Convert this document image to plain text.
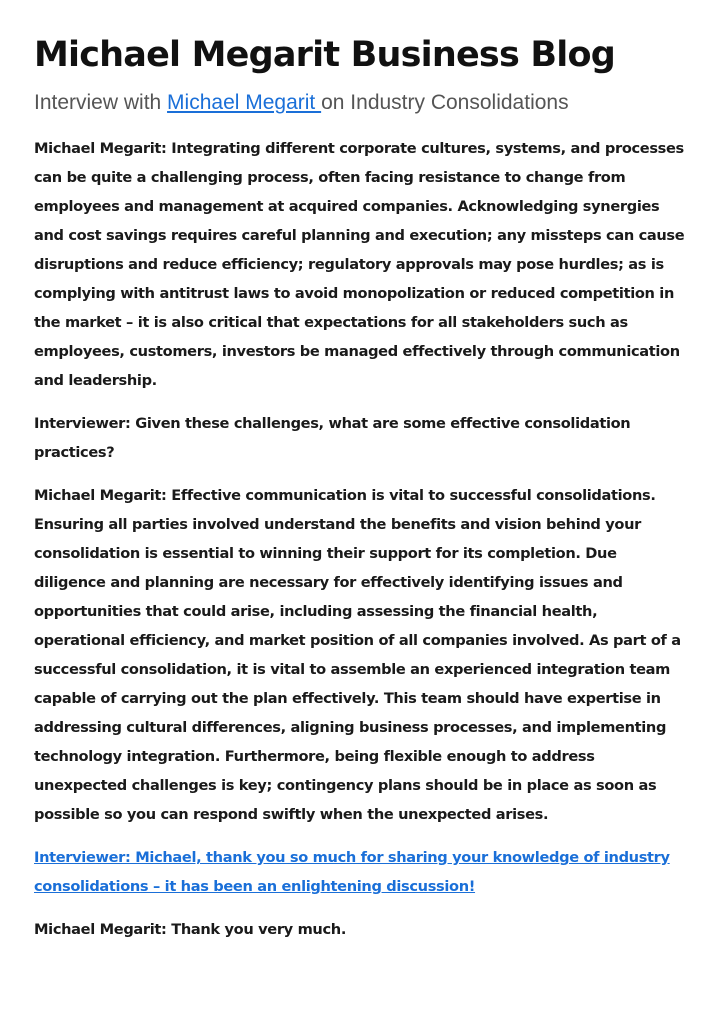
Michael Megarit Business Blog
Interview with Michael Megarit on Industry Consolidations

Michael Megarit: Integrating different corporate cultures, systems, and processes can be quite a challenging process, often facing resistance to change from employees and management at acquired companies. Acknowledging synergies and cost savings requires careful planning and execution; any missteps can cause disruptions and reduce efficiency; regulatory approvals may pose hurdles; as is complying with antitrust laws to avoid monopolization or reduced competition in the market – it is also critical that expectations for all stakeholders such as employees, customers, investors be managed effectively through communication and leadership.

Interviewer: Given these challenges, what are some effective consolidation practices?

Michael Megarit: Effective communication is vital to successful consolidations. Ensuring all parties involved understand the benefits and vision behind your consolidation is essential to winning their support for its completion. Due diligence and planning are necessary for effectively identifying issues and opportunities that could arise, including assessing the financial health, operational efficiency, and market position of all companies involved. As part of a successful consolidation, it is vital to assemble an experienced integration team capable of carrying out the plan effectively. This team should have expertise in addressing cultural differences, aligning business processes, and implementing technology integration. Furthermore, being flexible enough to address unexpected challenges is key; contingency plans should be in place as soon as possible so you can respond swiftly when the unexpected arises.

Interviewer: Michael, thank you so much for sharing your knowledge of industry consolidations – it has been an enlightening discussion!

Michael Megarit: Thank you very much.
